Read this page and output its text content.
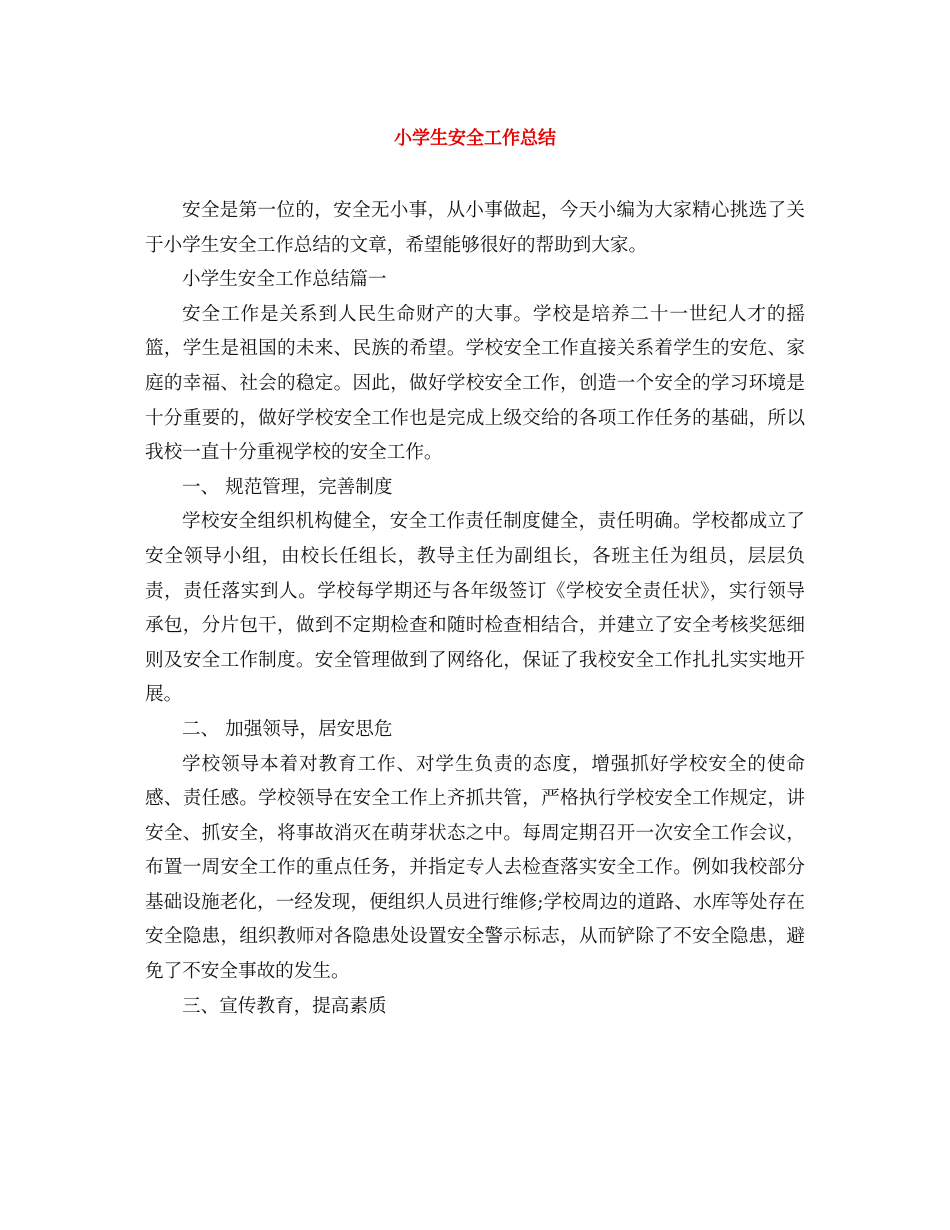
小学生安全工作总结

安全是第一位的，安全无小事，从小事做起，今天小编为大家精心挑选了关于小学生安全工作总结的文章，希望能够很好的帮助到大家。

小学生安全工作总结篇一

安全工作是关系到人民生命财产的大事。学校是培养二十一世纪人才的摇篮，学生是祖国的未来、民族的希望。学校安全工作直接关系着学生的安危、家庭的幸福、社会的稳定。因此，做好学校安全工作，创造一个安全的学习环境是十分重要的，做好学校安全工作也是完成上级交给的各项工作任务的基础，所以我校一直十分重视学校的安全工作。

一、 规范管理，完善制度

学校安全组织机构健全，安全工作责任制度健全，责任明确。学校都成立了安全领导小组，由校长任组长，教导主任为副组长，各班主任为组员，层层负责，责任落实到人。学校每学期还与各年级签订《学校安全责任状》，实行领导承包，分片包干，做到不定期检查和随时检查相结合，并建立了安全考核奖惩细则及安全工作制度。安全管理做到了网络化，保证了我校安全工作扎扎实实地开展。

二、 加强领导，居安思危

学校领导本着对教育工作、对学生负责的态度，增强抓好学校安全的使命感、责任感。学校领导在安全工作上齐抓共管，严格执行学校安全工作规定，讲安全、抓安全，将事故消灭在萌芽状态之中。每周定期召开一次安全工作会议，布置一周安全工作的重点任务，并指定专人去检查落实安全工作。例如我校部分基础设施老化，一经发现，便组织人员进行维修;学校周边的道路、水库等处存在安全隐患，组织教师对各隐患处设置安全警示标志，从而铲除了不安全隐患，避免了不安全事故的发生。

三、宣传教育，提高素质
